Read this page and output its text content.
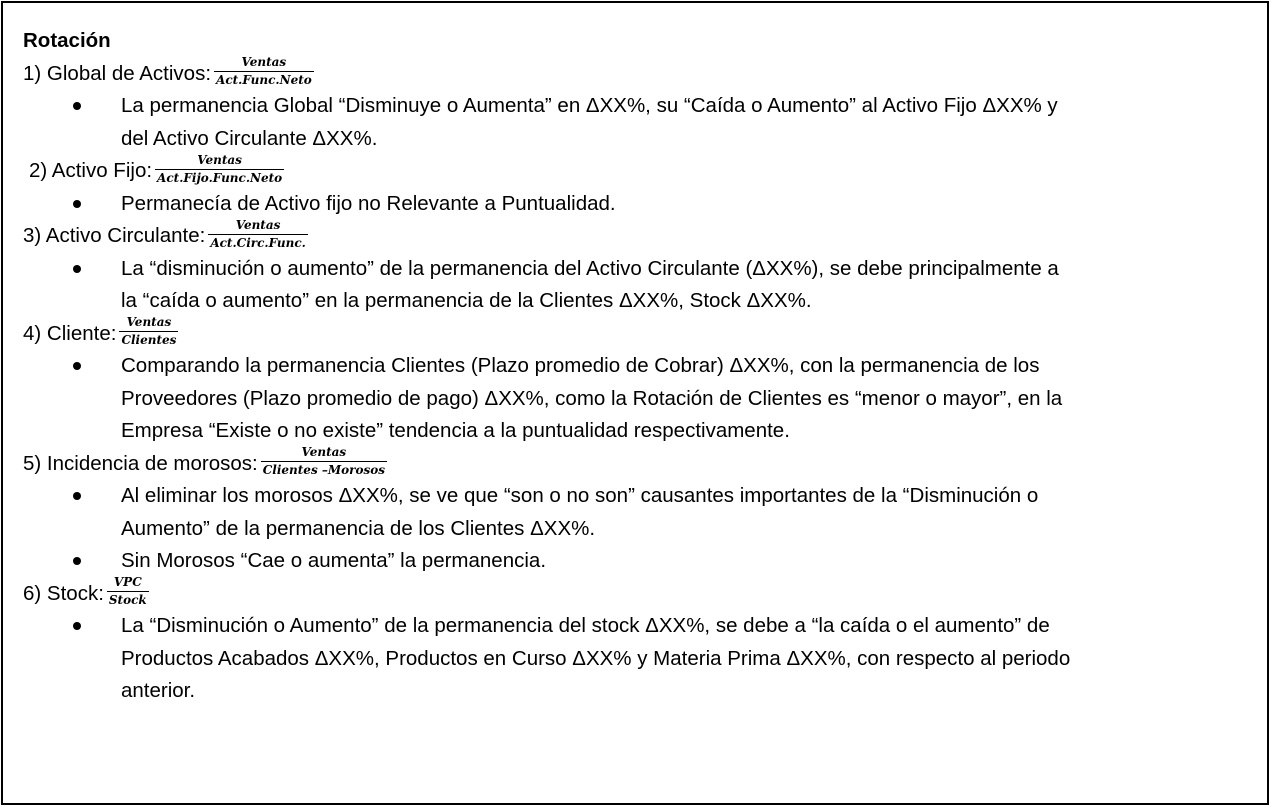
Rotación
1) Global de Activos: $\frac{\text{Ventas}}{\text{Act.Func.Neto}}$
La permanencia Global “Disminuye o Aumenta” en ΔXX%, su “Caída o Aumento” al Activo Fijo ΔXX% y
del Activo Circulante ΔXX%.
2) Activo Fijo: $\frac{\text{Ventas}}{\text{Act.Fijo.Func.Neto}}$
Permanecía de Activo fijo no Relevante a Puntualidad.
3) Activo Circulante: $\frac{\text{Ventas}}{\text{Act.Circ.Func.}}$
La “disminución o aumento” de la permanencia del Activo Circulante (ΔXX%), se debe principalmente a
la “caída o aumento” en la permanencia de la Clientes ΔXX%, Stock ΔXX%.
4) Cliente: $\frac{\text{Ventas}}{\text{Clientes}}$
Comparando la permanencia Clientes (Plazo promedio de Cobrar) ΔXX%, con la permanencia de los
Proveedores (Plazo promedio de pago) ΔXX%, como la Rotación de Clientes es “menor o mayor”, en la
Empresa “Existe o no existe” tendencia a la puntualidad respectivamente.
5) Incidencia de morosos: $\frac{\text{Ventas}}{\text{Clientes –Morosos}}$
Al eliminar los morosos ΔXX%, se ve que “son o no son” causantes importantes de la “Disminución o
Aumento” de la permanencia de los Clientes ΔXX%.
Sin Morosos “Cae o aumenta” la permanencia.
6) Stock: $\frac{\text{VPC}}{\text{Stock}}$
La “Disminución o Aumento” de la permanencia del stock ΔXX%, se debe a “la caída o el aumento” de
Productos Acabados ΔXX%, Productos en Curso ΔXX% y Materia Prima ΔXX%, con respecto al periodo
anterior.
